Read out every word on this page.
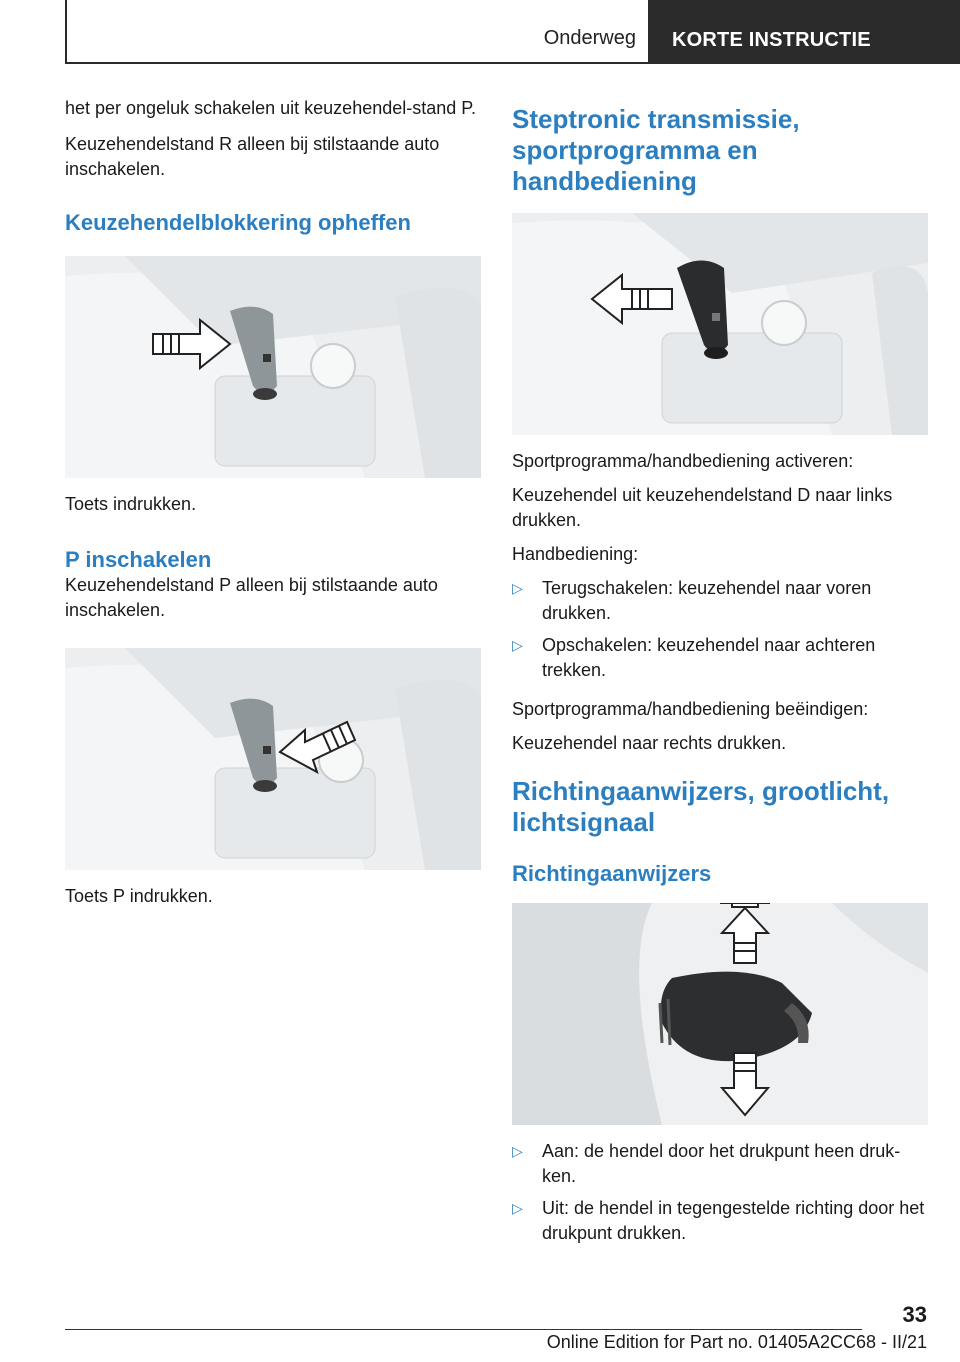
Onderweg KORTE INSTRUCTIE

het per ongeluk schakelen uit keuzehendel-stand P.

Keuzehendelstand R alleen bij stilstaande auto inschakelen.

Keuzehendelblokkering opheffen

Toets indrukken.

P inschakelen

Keuzehendelstand P alleen bij stilstaande auto inschakelen.

Toets P indrukken.

Steptronic transmissie, sportprogramma en handbediening

Sportprogramma/handbediening activeren:

Keuzehendel uit keuzehendelstand D naar links drukken.

Handbediening:

▷ Terugschakelen: keuzehendel naar voren drukken.
▷ Opschakelen: keuzehendel naar achteren trekken.

Sportprogramma/handbediening beëindigen:

Keuzehendel naar rechts drukken.

Richtingaanwijzers, grootlicht, lichtsignaal
Richtingaanwijzers
▷ Aan: de hendel door het drukpunt heen druk-ken.
▷ Uit: de hendel in tegengestelde richting door het drukpunt drukken.
33
Online Edition for Part no. 01405A2CC68 - II/21
